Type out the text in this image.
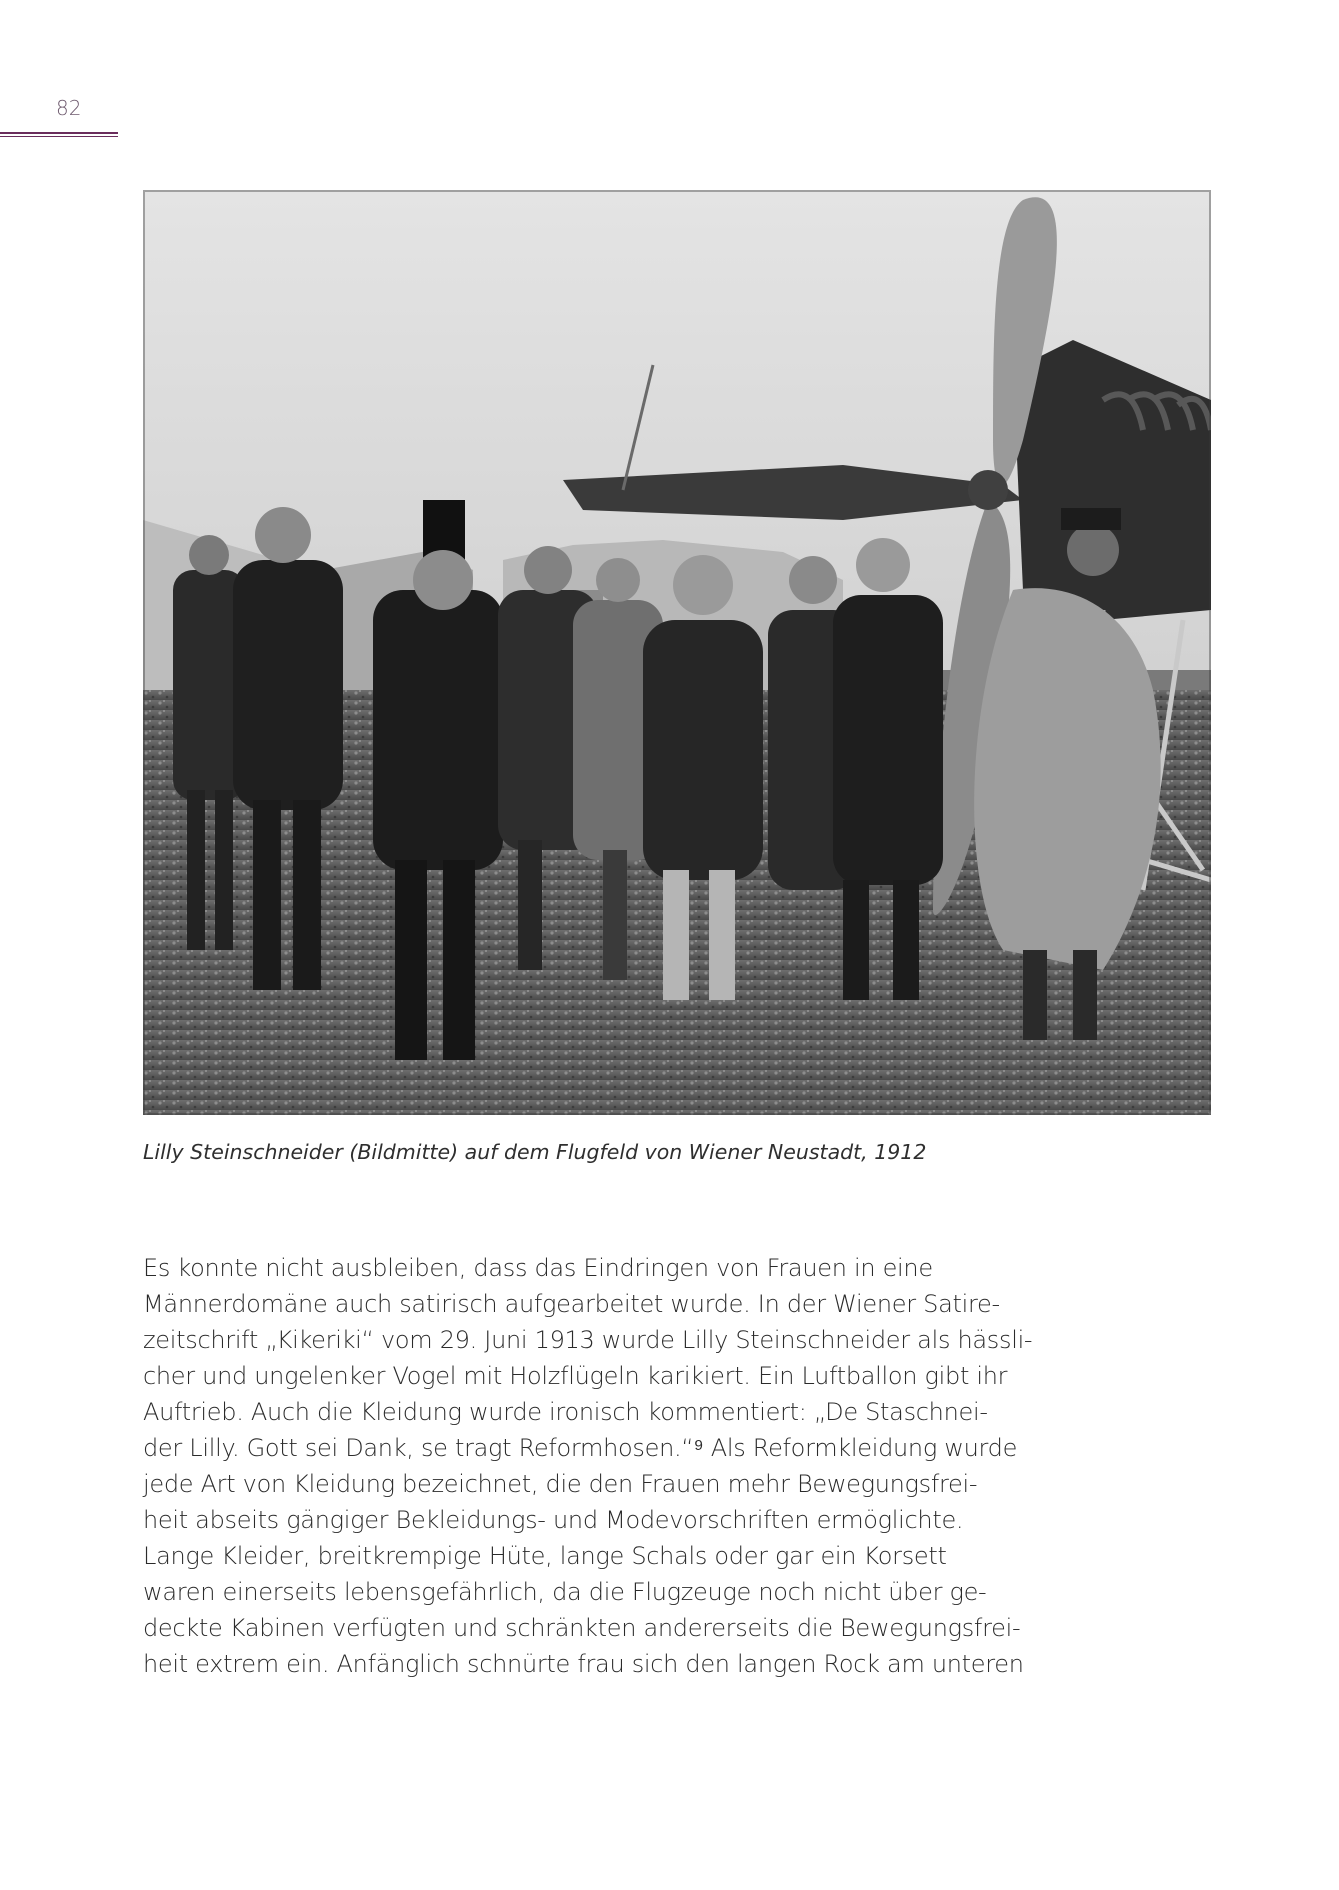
82
Lilly Steinschneider (Bildmitte) auf dem Flugfeld von Wiener Neustadt, 1912
Es konnte nicht ausbleiben, dass das Eindringen von Frauen in eine
Männerdomäne auch satirisch aufgearbeitet wurde. In der Wiener Satire-
zeitschrift „Kikeriki“ vom 29. Juni 1913 wurde Lilly Steinschneider als hässli-
cher und ungelenker Vogel mit Holzflügeln karikiert. Ein Luftballon gibt ihr
Auftrieb. Auch die Kleidung wurde ironisch kommentiert: „De Staschnei-
der Lilly. Gott sei Dank, se tragt Reformhosen.“⁹ Als Reformkleidung wurde
jede Art von Kleidung bezeichnet, die den Frauen mehr Bewegungsfrei-
heit abseits gängiger Bekleidungs- und Modevorschriften ermöglichte.
Lange Kleider, breitkrempige Hüte, lange Schals oder gar ein Korsett
waren einerseits lebensgefährlich, da die Flugzeuge noch nicht über ge-
deckte Kabinen verfügten und schränkten andererseits die Bewegungsfrei-
heit extrem ein. Anfänglich schnürte frau sich den langen Rock am unteren
